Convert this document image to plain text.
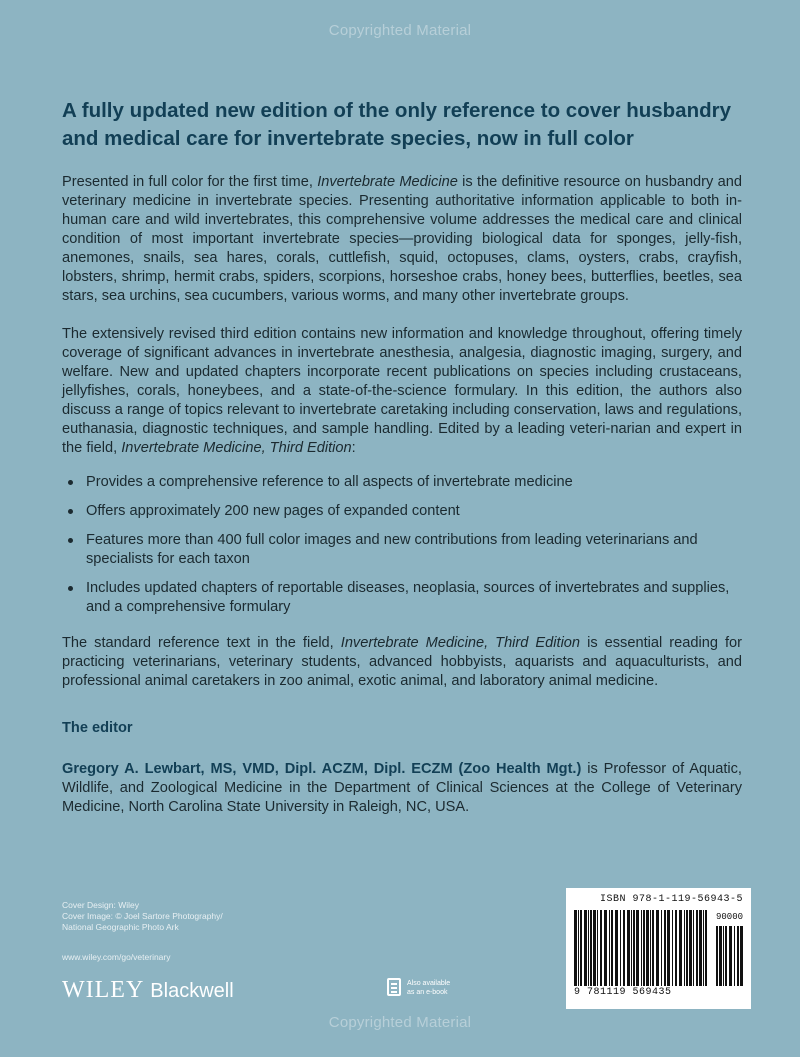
Copyrighted Material
A fully updated new edition of the only reference to cover husbandry and medical care for invertebrate species, now in full color

Presented in full color for the first time, Invertebrate Medicine is the definitive resource on husbandry and veterinary medicine in invertebrate species. Presenting authoritative information applicable to both in-human care and wild invertebrates, this comprehensive volume addresses the medical care and clinical condition of most important invertebrate species—providing biological data for sponges, jelly-fish, anemones, snails, sea hares, corals, cuttlefish, squid, octopuses, clams, oysters, crabs, crayfish, lobsters, shrimp, hermit crabs, spiders, scorpions, horseshoe crabs, honey bees, butterflies, beetles, sea stars, sea urchins, sea cucumbers, various worms, and many other invertebrate groups.

The extensively revised third edition contains new information and knowledge throughout, offering timely coverage of significant advances in invertebrate anesthesia, analgesia, diagnostic imaging, surgery, and welfare. New and updated chapters incorporate recent publications on species including crustaceans, jellyfishes, corals, honeybees, and a state-of-the-science formulary. In this edition, the authors also discuss a range of topics relevant to invertebrate caretaking including conservation, laws and regulations, euthanasia, diagnostic techniques, and sample handling. Edited by a leading veteri-narian and expert in the field, Invertebrate Medicine, Third Edition:

Provides a comprehensive reference to all aspects of invertebrate medicine
Offers approximately 200 new pages of expanded content
Features more than 400 full color images and new contributions from leading veterinarians and specialists for each taxon
Includes updated chapters of reportable diseases, neoplasia, sources of invertebrates and supplies, and a comprehensive formulary

The standard reference text in the field, Invertebrate Medicine, Third Edition is essential reading for practicing veterinarians, veterinary students, advanced hobbyists, aquarists and aquaculturists, and professional animal caretakers in zoo animal, exotic animal, and laboratory animal medicine.

The editor

Gregory A. Lewbart, MS, VMD, Dipl. ACZM, Dipl. ECZM (Zoo Health Mgt.) is Professor of Aquatic, Wildlife, and Zoological Medicine in the Department of Clinical Sciences at the College of Veterinary Medicine, North Carolina State University in Raleigh, NC, USA.

Cover Design: Wiley
Cover Image: © Joel Sartore Photography/
National Geographic Photo Ark
www.wiley.com/go/veterinary
WILEY Blackwell	Also available
as an e-book
ISBN 978-1-119-56943-5
90000
9 781119 569435
Copyrighted Material
